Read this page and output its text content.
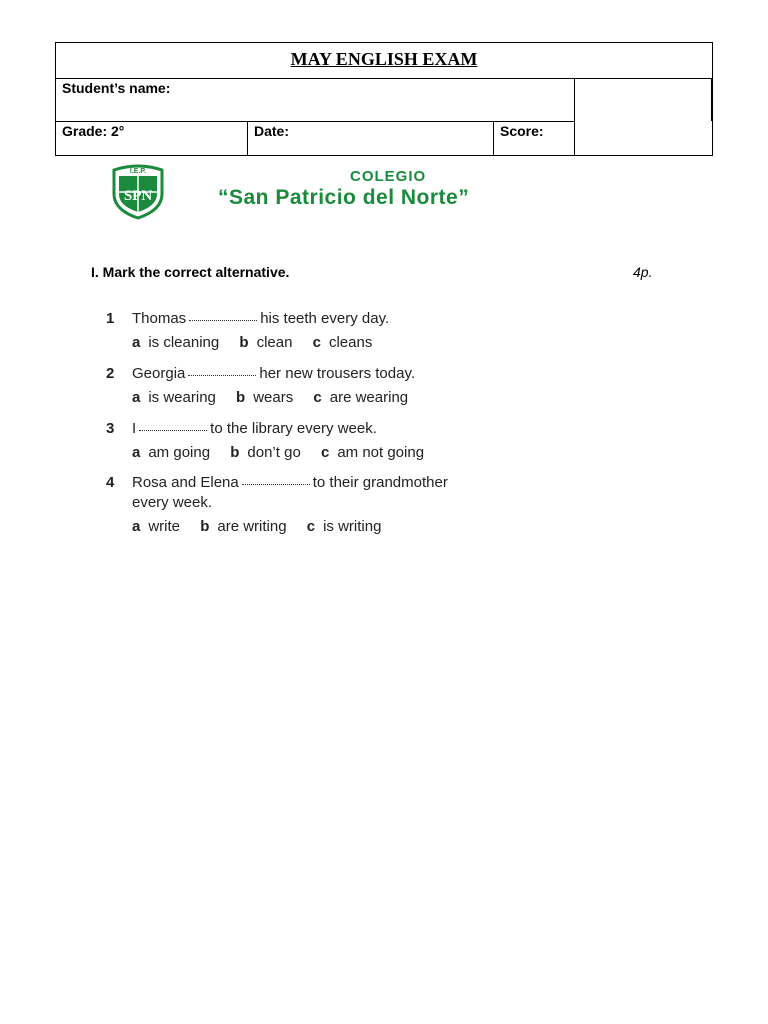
MAY ENGLISH EXAM
Student’s name:
Grade: 2°	Date:	Score:
I.E.P.
SPN
COLEGIO
“San Patricio del Norte”
I. Mark the correct alternative.	4p.
1 Thomas	his teeth every day.
a is cleaning b clean c cleans
2 Georgia	her new trousers today.
a is wearing b wears c are wearing
3 I	to the library every week.
a am going b don’t go c am not going
4 Rosa and Elena	to their grandmother
every week.
a write b are writing c is writing
